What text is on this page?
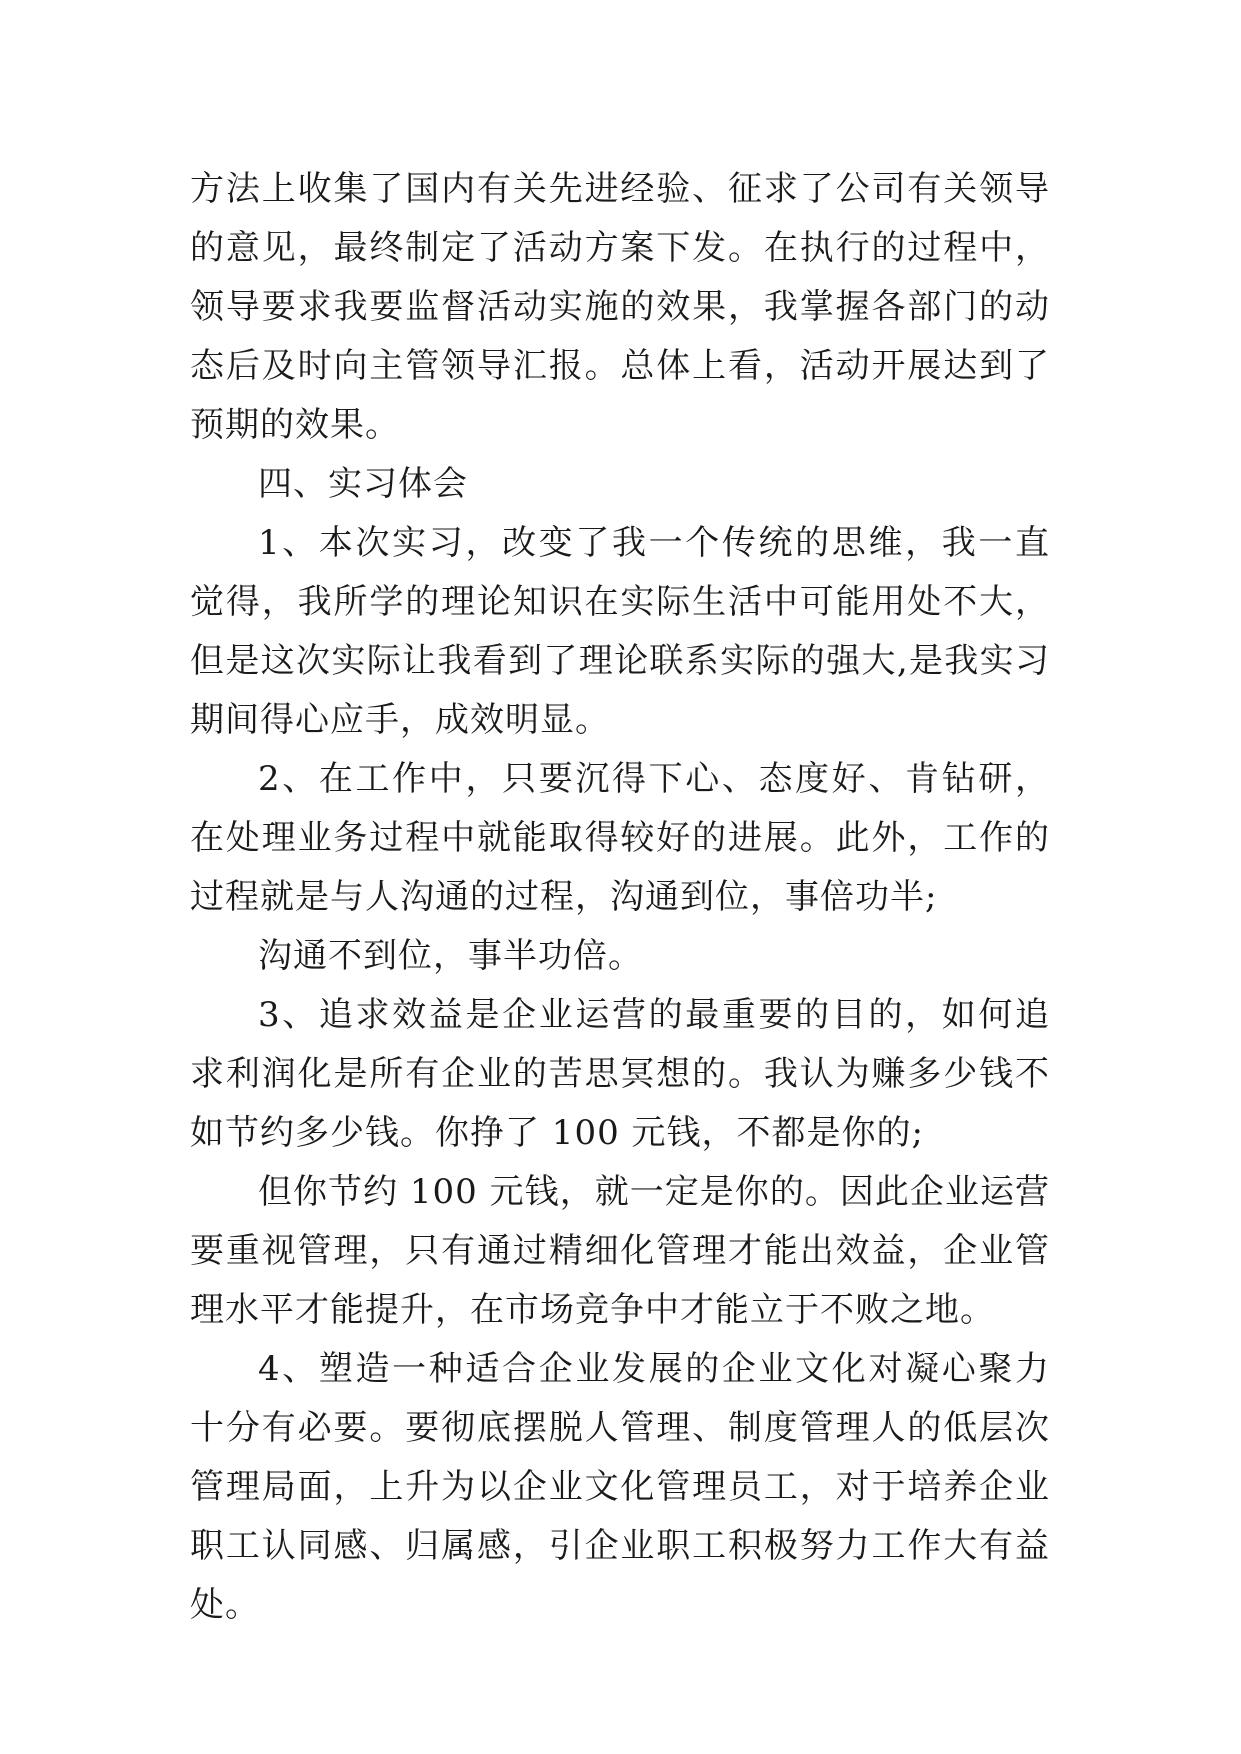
方法上收集了国内有关先进经验、征求了公司有关领导的意见，最终制定了活动方案下发。在执行的过程中，领导要求我要监督活动实施的效果，我掌握各部门的动态后及时向主管领导汇报。总体上看，活动开展达到了预期的效果。

四、实习体会

1、本次实习，改变了我一个传统的思维，我一直觉得，我所学的理论知识在实际生活中可能用处不大，但是这次实际让我看到了理论联系实际的强大,是我实习期间得心应手，成效明显。

2、在工作中，只要沉得下心、态度好、肯钻研，在处理业务过程中就能取得较好的进展。此外，工作的过程就是与人沟通的过程，沟通到位，事倍功半;

沟通不到位，事半功倍。

3、追求效益是企业运营的最重要的目的，如何追求利润化是所有企业的苦思冥想的。我认为赚多少钱不如节约多少钱。你挣了 100 元钱，不都是你的;

但你节约 100 元钱，就一定是你的。因此企业运营要重视管理，只有通过精细化管理才能出效益，企业管理水平才能提升，在市场竞争中才能立于不败之地。

4、塑造一种适合企业发展的企业文化对凝心聚力十分有必要。要彻底摆脱人管理、制度管理人的低层次管理局面，上升为以企业文化管理员工，对于培养企业职工认同感、归属感，引企业职工积极努力工作大有益处。
